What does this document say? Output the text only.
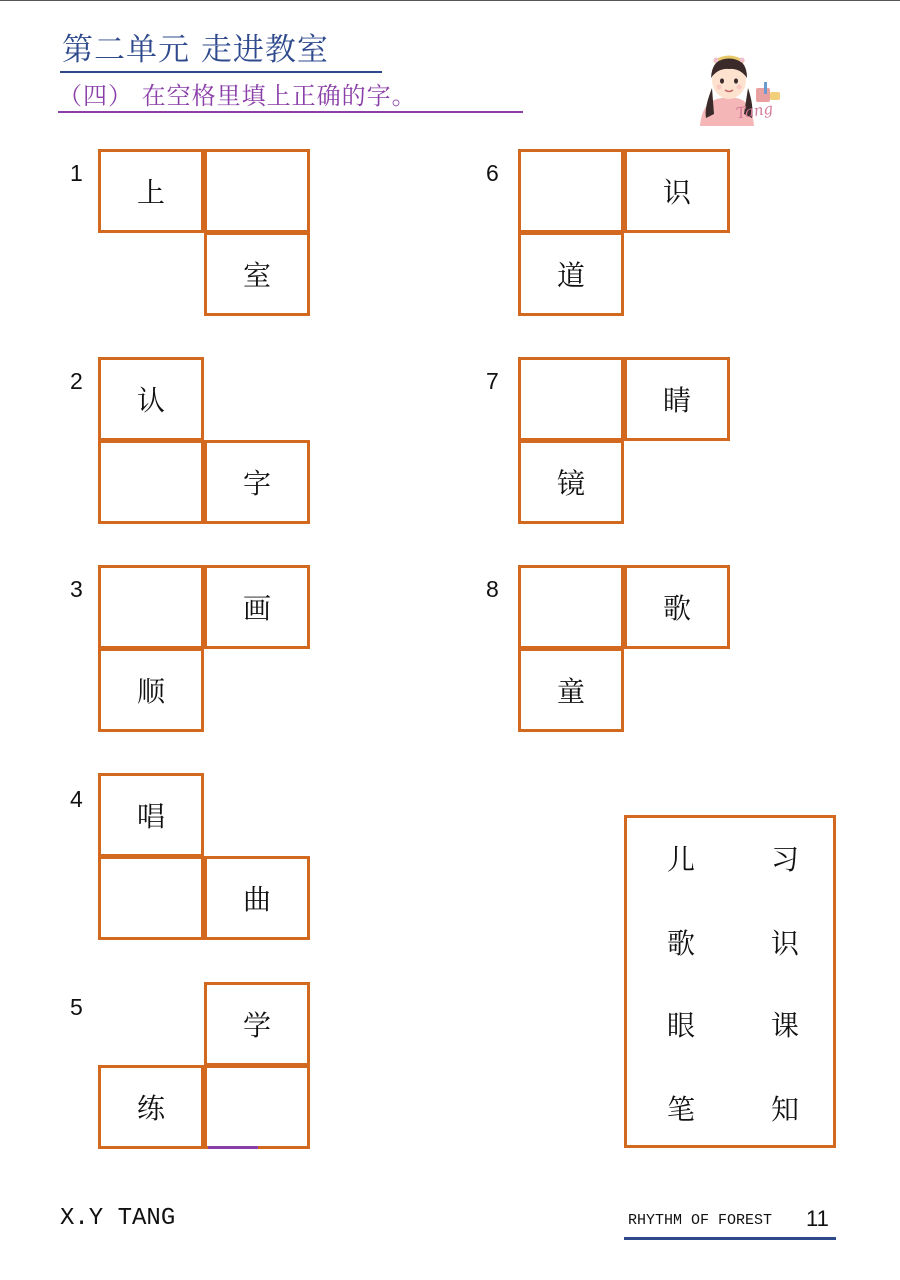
第二单元 走进教室
（四） 在空格里填上正确的字。
Tang
1
上
室
2
认
字
3
画
顺
4
唱
曲
5
学
练
6
识
道
7
睛
镜
8
歌
童
儿	习
歌	识
眼	课
笔	知
X.Y TANG	RHYTHM OF FOREST 11
